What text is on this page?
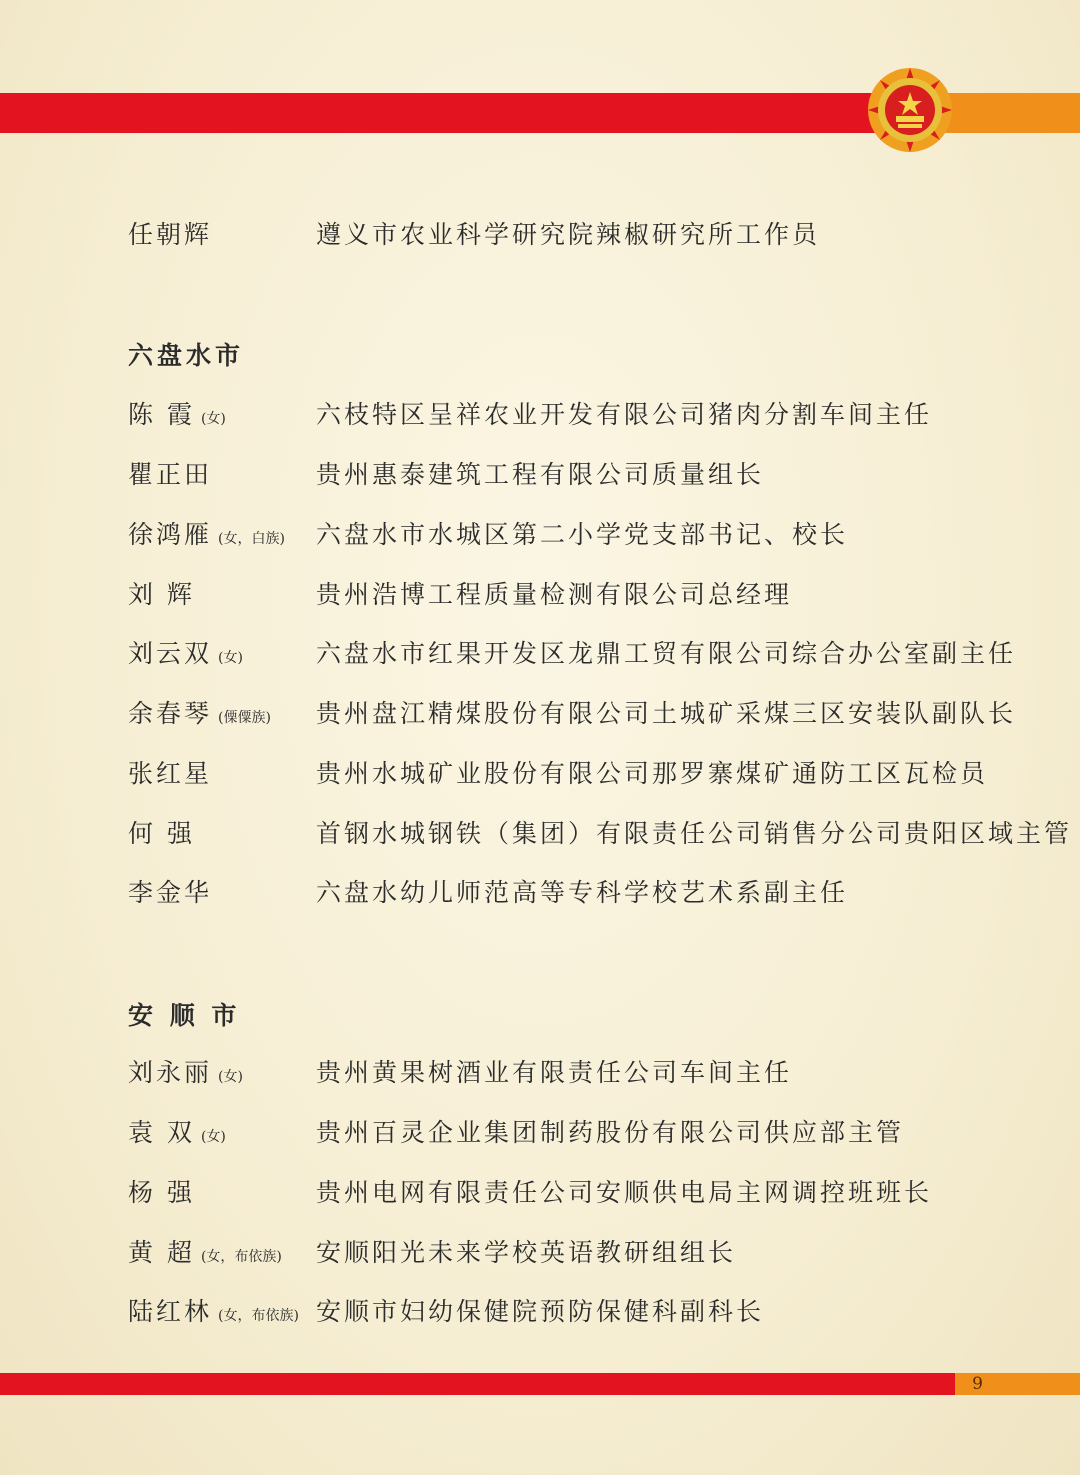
任朝辉	遵义市农业科学研究院辣椒研究所工作员
六盘水市
陈 霞 (女)	六枝特区呈祥农业开发有限公司猪肉分割车间主任
瞿正田	贵州惠泰建筑工程有限公司质量组长
徐鸿雁 (女，白族)	六盘水市水城区第二小学党支部书记、校长
刘 辉	贵州浩博工程质量检测有限公司总经理
刘云双 (女)	六盘水市红果开发区龙鼎工贸有限公司综合办公室副主任
余春琴 (傈僳族)	贵州盘江精煤股份有限公司土城矿采煤三区安装队副队长
张红星	贵州水城矿业股份有限公司那罗寨煤矿通防工区瓦检员
何 强	首钢水城钢铁（集团）有限责任公司销售分公司贵阳区域主管
李金华	六盘水幼儿师范高等专科学校艺术系副主任
安 顺 市
刘永丽 (女)	贵州黄果树酒业有限责任公司车间主任
袁 双 (女)	贵州百灵企业集团制药股份有限公司供应部主管
杨 强	贵州电网有限责任公司安顺供电局主网调控班班长
黄 超 (女，布依族)	安顺阳光未来学校英语教研组组长
陆红林 (女，布依族) 安顺市妇幼保健院预防保健科副科长
9
